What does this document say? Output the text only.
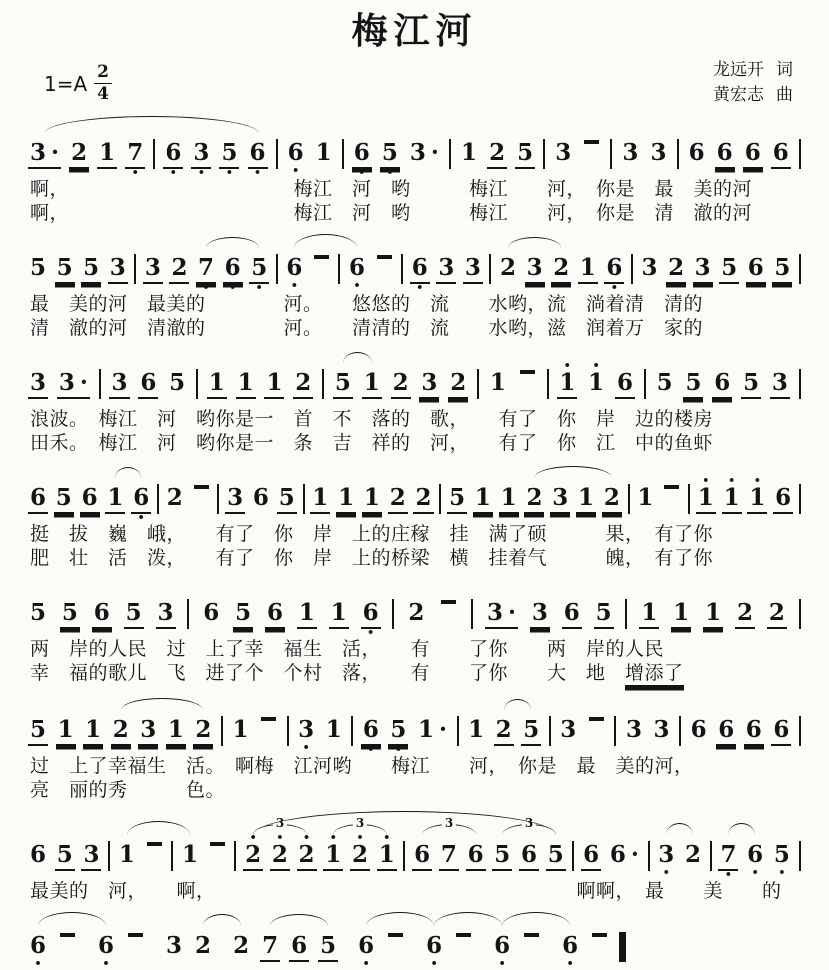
梅江河
$1=A \frac{2}{4}$	龙远开 词
黄宏志 曲
3 · 2 1 7
•
6
•
3
•
5
•
6
•
6
•
1 6
•
5
•
3 · 1 2 5 3 3 3 6 6 6 6
啊，　　　　　　　　　　　　梅江　河　哟　　　梅江　　河，　你是　最　美的河
啊，　　　　　　　　　　　　梅江　河　哟　　　梅江　　河，　你是　清　澈的河
5 5 5 3 3 2 7
•
6
•
5
•
6
•
6
•
6
•
3 3 2 3 2 1 6
•
3 2 3 5 6 5
最　美的河　最美的　　　　河。　　悠悠的　流　　水哟，流　淌着清　清的
清　澈的河　清澈的　　　　河。　　清清的　流　　水哟，滋　润着万　家的
3 3 · 3 6 5 1 1 1 2 5 1 2 3 2 1
•
1
•
1 6 5 5 6 5 3
浪波。　梅江　河　哟你是一　首　不　落的　歌，　　有了　你　岸　边的楼房
田禾。　梅江　河　哟你是一　条　吉　祥的　河，　　有了　你　江　中的鱼虾
6 5 6 1 6
•
2 3 6 5 1 1 1 2 2 5 1 1 2 3 1 2 1
•
1
•
1
•
1 6
挺　拔　巍　峨，　　有了　你　岸　上的庄稼　挂　满了硕　　　果，　有了你
肥　壮　活　泼，　　有了　你　岸　上的桥梁　横　挂着气　　　魄，　有了你
5 5 6 5 3 6 5 6 1 1 6
•
2	3 · 3 6 5 1 1 1 2 2
两　岸的人民　过　上了幸　福生　活，　　有　　了你　　两　岸的人民
幸　福的歌儿　飞　进了个　个村　落，　　有　　了你　　大　地　增添了
5 1 1 2 3 1 2 1 3
•
1 6
•
5
•
1 · 1 2 5 3 3 3 6 6 6 6
过　上了幸福生　活。　啊梅　江河哟　　梅江　　河，　你是　最　美的河，
亮　丽的秀　　　色。
6 5 3 1 1
•
2
•
2
•
2
•
1
•
2
•
1 6 7 6 5 6 5 6 6 · 3
•
2 7
•
6
•
5
•
3	3	3	3
最美的　河，　　啊，　　　　　　　　　　　　　　　　　　　啊啊，　最　　美　　的
6
•
6
•
3 2 2 7 6 5 6
•
6
•
6
•
6
•
